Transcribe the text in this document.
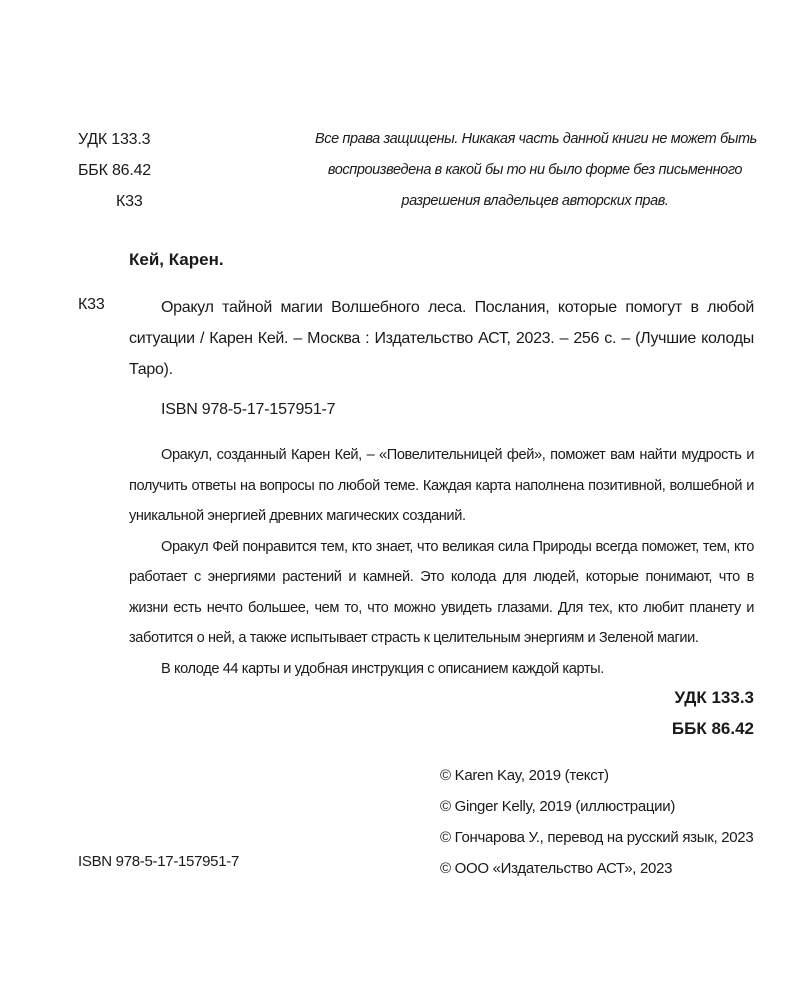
УДК 133.3
ББК 86.42
К33
Все права защищены. Никакая часть данной книги не может быть
воспроизведена в какой бы то ни было форме без письменного
разрешения владельцев авторских прав.
Кей, Карен.
К33	Оракул тайной магии Волшебного леса. Послания, которые помогут в любой ситуации / Карен Кей. – Москва : Издательство АСТ, 2023. – 256 с. – (Лучшие колоды Таро).
ISBN 978-5-17-157951-7

Оракул, созданный Карен Кей, – «Повелительницей фей», поможет вам найти мудрость и получить ответы на вопросы по любой теме. Каждая карта наполнена позитивной, волшебной и уникальной энергией древних магических созданий.

Оракул Фей понравится тем, кто знает, что великая сила Природы всегда поможет, тем, кто работает с энергиями растений и камней. Это колода для людей, которые понимают, что в жизни есть нечто большее, чем то, что можно увидеть глазами. Для тех, кто любит планету и заботится о ней, а также испытывает страсть к целительным энергиям и Зеленой магии.

В колоде 44 карты и удобная инструкция с описанием каждой карты.

УДК 133.3
ББК 86.42
© Karen Kay, 2019 (текст)
© Ginger Kelly, 2019 (иллюстрации)
© Гончарова У., перевод на русский язык, 2023
© ООО «Издательство АСТ», 2023
ISBN 978-5-17-157951-7
